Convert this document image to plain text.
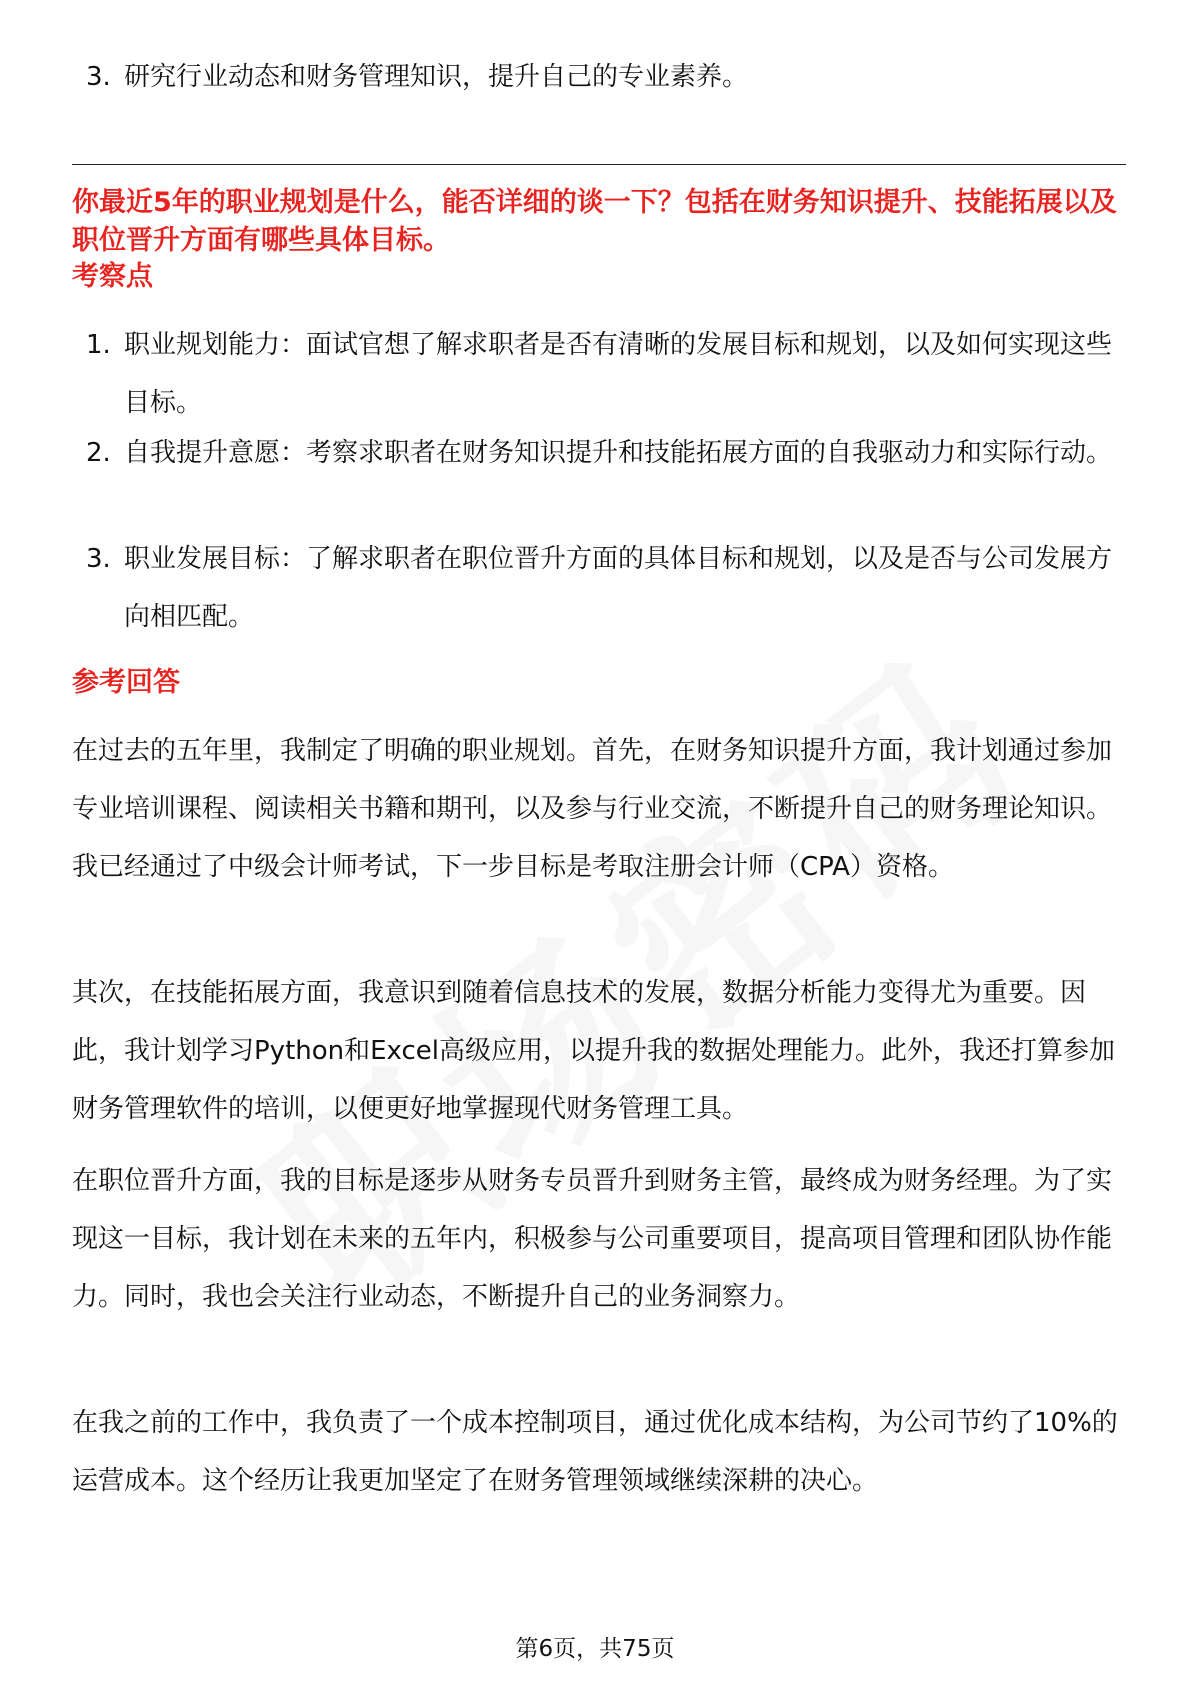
3. 研究行业动态和财务管理知识，提升自己的专业素养。
你最近5年的职业规划是什么，能否详细的谈一下？包括在财务知识提升、技能拓展以及职位晋升方面有哪些具体目标。
考察点
1. 职业规划能力：面试官想了解求职者是否有清晰的发展目标和规划，以及如何实现这些目标。
2. 自我提升意愿：考察求职者在财务知识提升和技能拓展方面的自我驱动力和实际行动。
3. 职业发展目标：了解求职者在职位晋升方面的具体目标和规划，以及是否与公司发展方向相匹配。
参考回答

在过去的五年里，我制定了明确的职业规划。首先，在财务知识提升方面，我计划通过参加专业培训课程、阅读相关书籍和期刊，以及参与行业交流，不断提升自己的财务理论知识。我已经通过了中级会计师考试，下一步目标是考取注册会计师（CPA）资格。

其次，在技能拓展方面，我意识到随着信息技术的发展，数据分析能力变得尤为重要。因此，我计划学习Python和Excel高级应用，以提升我的数据处理能力。此外，我还打算参加财务管理软件的培训，以便更好地掌握现代财务管理工具。

在职位晋升方面，我的目标是逐步从财务专员晋升到财务主管，最终成为财务经理。为了实现这一目标，我计划在未来的五年内，积极参与公司重要项目，提高项目管理和团队协作能力。同时，我也会关注行业动态，不断提升自己的业务洞察力。

在我之前的工作中，我负责了一个成本控制项目，通过优化成本结构，为公司节约了10%的运营成本。这个经历让我更加坚定了在财务管理领域继续深耕的决心。

第6页，共75页
